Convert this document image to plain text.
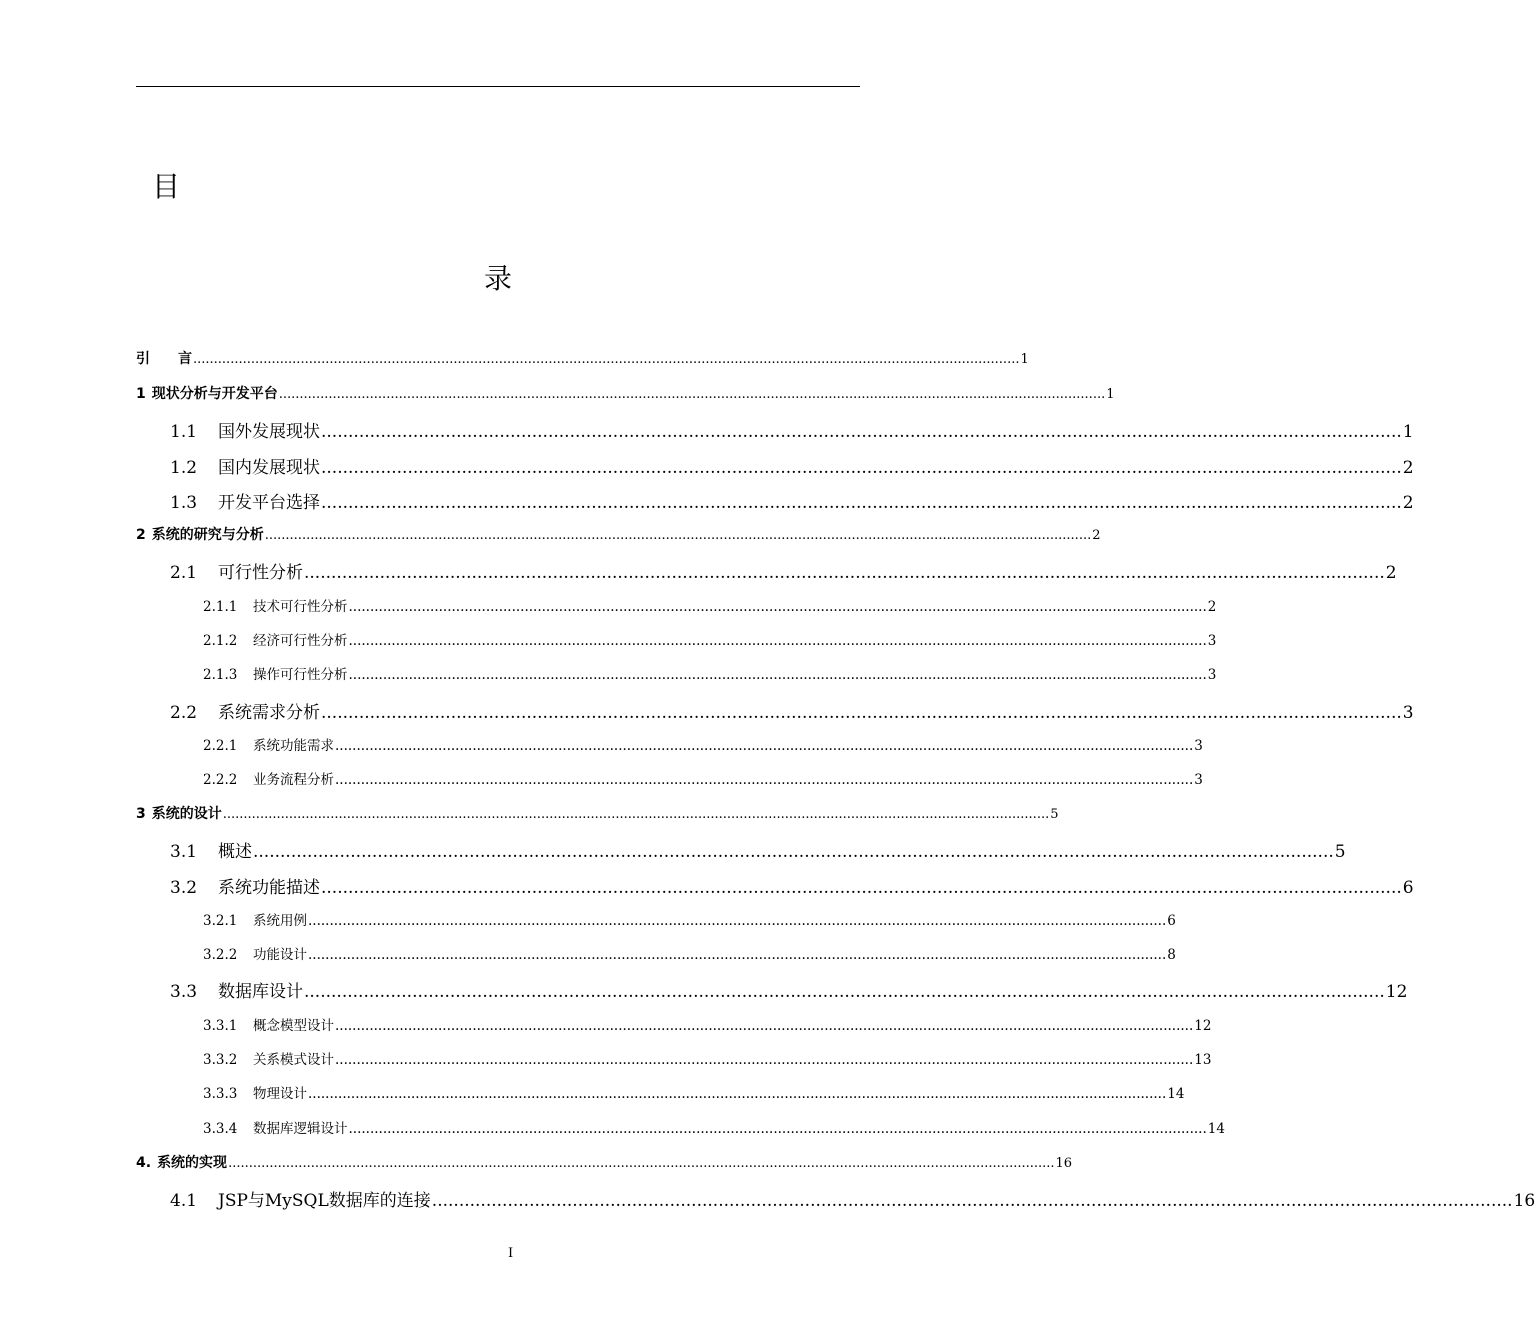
目
录
引　　言 ........................................................................................................................................................................................................ 1
1 现状分析与开发平台 ........................................................................................................................................................................................................ 1
1.1	国外发展现状 ........................................................................................................................................................................................................ 1
1.2	国内发展现状 ........................................................................................................................................................................................................ 2
1.3	开发平台选择 ........................................................................................................................................................................................................ 2
2 系统的研究与分析 ........................................................................................................................................................................................................ 2
2.1	可行性分析 ........................................................................................................................................................................................................ 2
2.1.1	技术可行性分析 ........................................................................................................................................................................................................ 2
2.1.2	经济可行性分析 ........................................................................................................................................................................................................ 3
2.1.3	操作可行性分析 ........................................................................................................................................................................................................ 3
2.2	系统需求分析 ........................................................................................................................................................................................................ 3
2.2.1	系统功能需求 ........................................................................................................................................................................................................ 3
2.2.2	业务流程分析 ........................................................................................................................................................................................................ 3
3 系统的设计 ........................................................................................................................................................................................................ 5
3.1	概述 ........................................................................................................................................................................................................ 5
3.2	系统功能描述 ........................................................................................................................................................................................................ 6
3.2.1	系统用例 ........................................................................................................................................................................................................ 6
3.2.2	功能设计 ........................................................................................................................................................................................................ 8
3.3	数据库设计 ........................................................................................................................................................................................................ 12
3.3.1	概念模型设计 ........................................................................................................................................................................................................ 12
3.3.2	关系模式设计 ........................................................................................................................................................................................................ 13
3.3.3	物理设计 ........................................................................................................................................................................................................ 14
3.3.4	数据库逻辑设计 ........................................................................................................................................................................................................ 14
4. 系统的实现 ........................................................................................................................................................................................................ 16
4.1	JSP与MySQL数据库的连接 ........................................................................................................................................................................................................ 16
I
